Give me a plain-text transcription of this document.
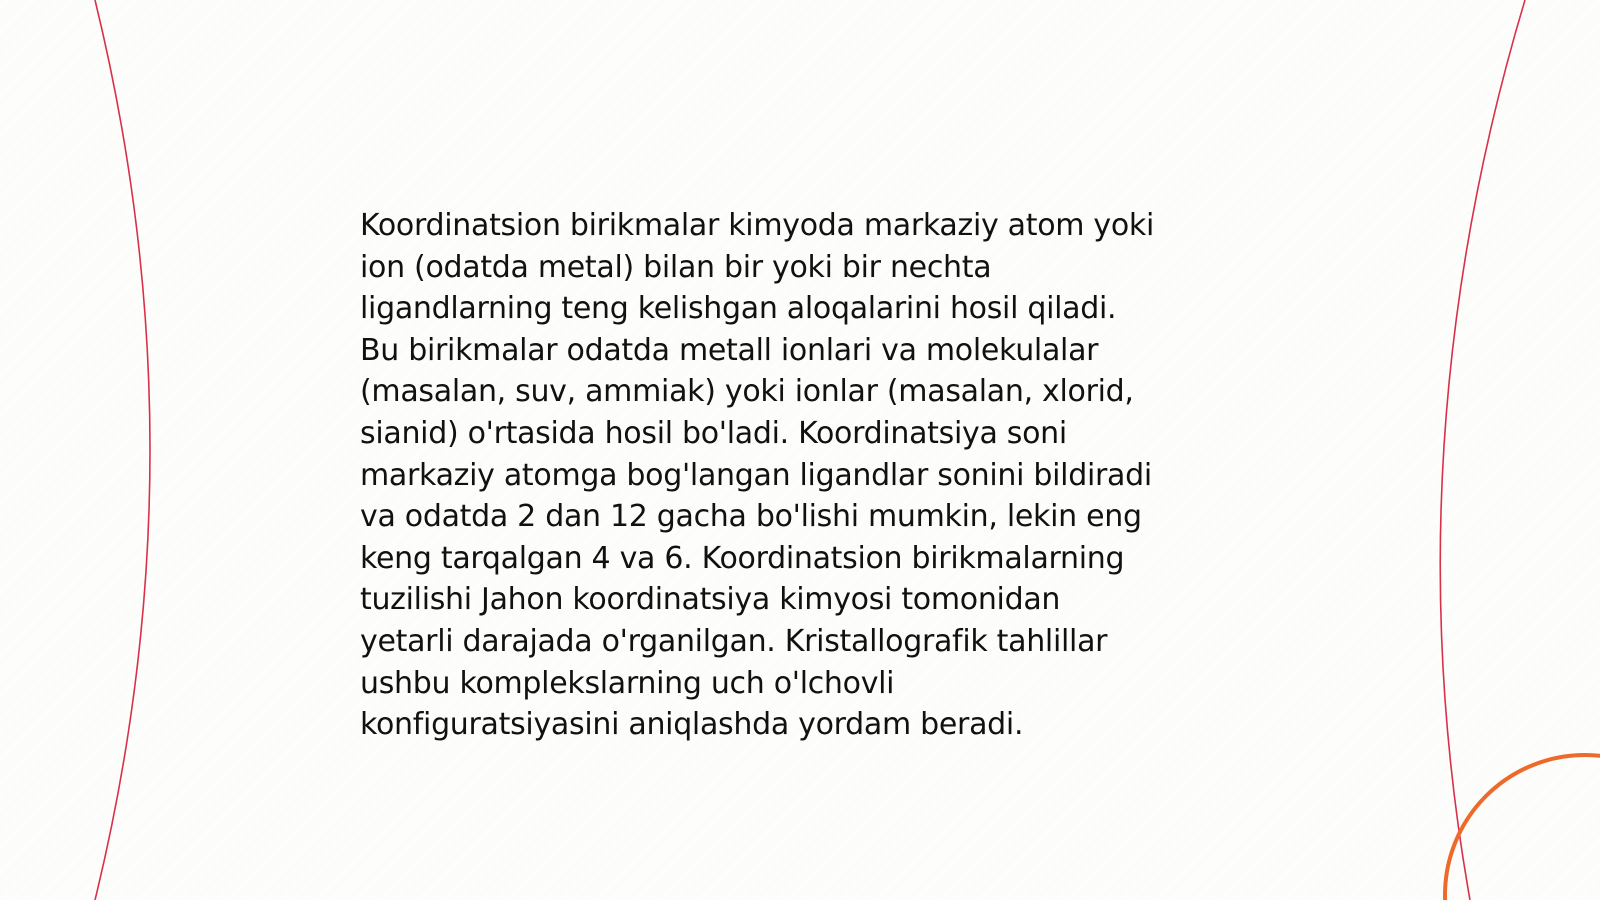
Koordinatsion birikmalar kimyoda markaziy atom yoki
ion (odatda metal) bilan bir yoki bir nechta
ligandlarning teng kelishgan aloqalarini hosil qiladi.
Bu birikmalar odatda metall ionlari va molekulalar
(masalan, suv, ammiak) yoki ionlar (masalan, xlorid,
sianid) o'rtasida hosil bo'ladi. Koordinatsiya soni
markaziy atomga bog'langan ligandlar sonini bildiradi
va odatda 2 dan 12 gacha bo'lishi mumkin, lekin eng
keng tarqalgan 4 va 6. Koordinatsion birikmalarning
tuzilishi Jahon koordinatsiya kimyosi tomonidan
yetarli darajada o'rganilgan. Kristallografik tahlillar
ushbu komplekslarning uch o'lchovli
konfiguratsiyasini aniqlashda yordam beradi.
